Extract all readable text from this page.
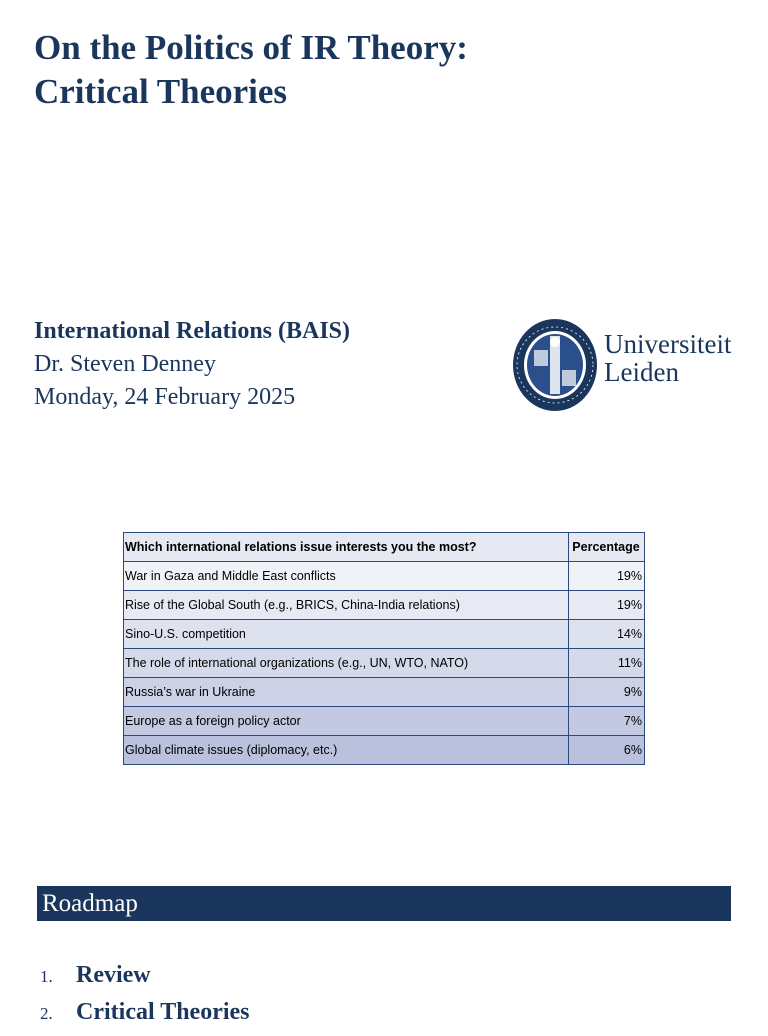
On the Politics of IR Theory:
Critical Theories
International Relations (BAIS)
Dr. Steven Denney
Monday, 24 February 2025
Universiteit
Leiden
Which international relations issue interests you the most?	Percentage
War in Gaza and Middle East conflicts	19%
Rise of the Global South (e.g., BRICS, China-India relations)	19%
Sino-U.S. competition	14%
The role of international organizations (e.g., UN, WTO, NATO)	11%
Russia’s war in Ukraine	9%
Europe as a foreign policy actor	7%
Global climate issues (diplomacy, etc.)	6%
Roadmap
1. Review
2. Critical Theories
